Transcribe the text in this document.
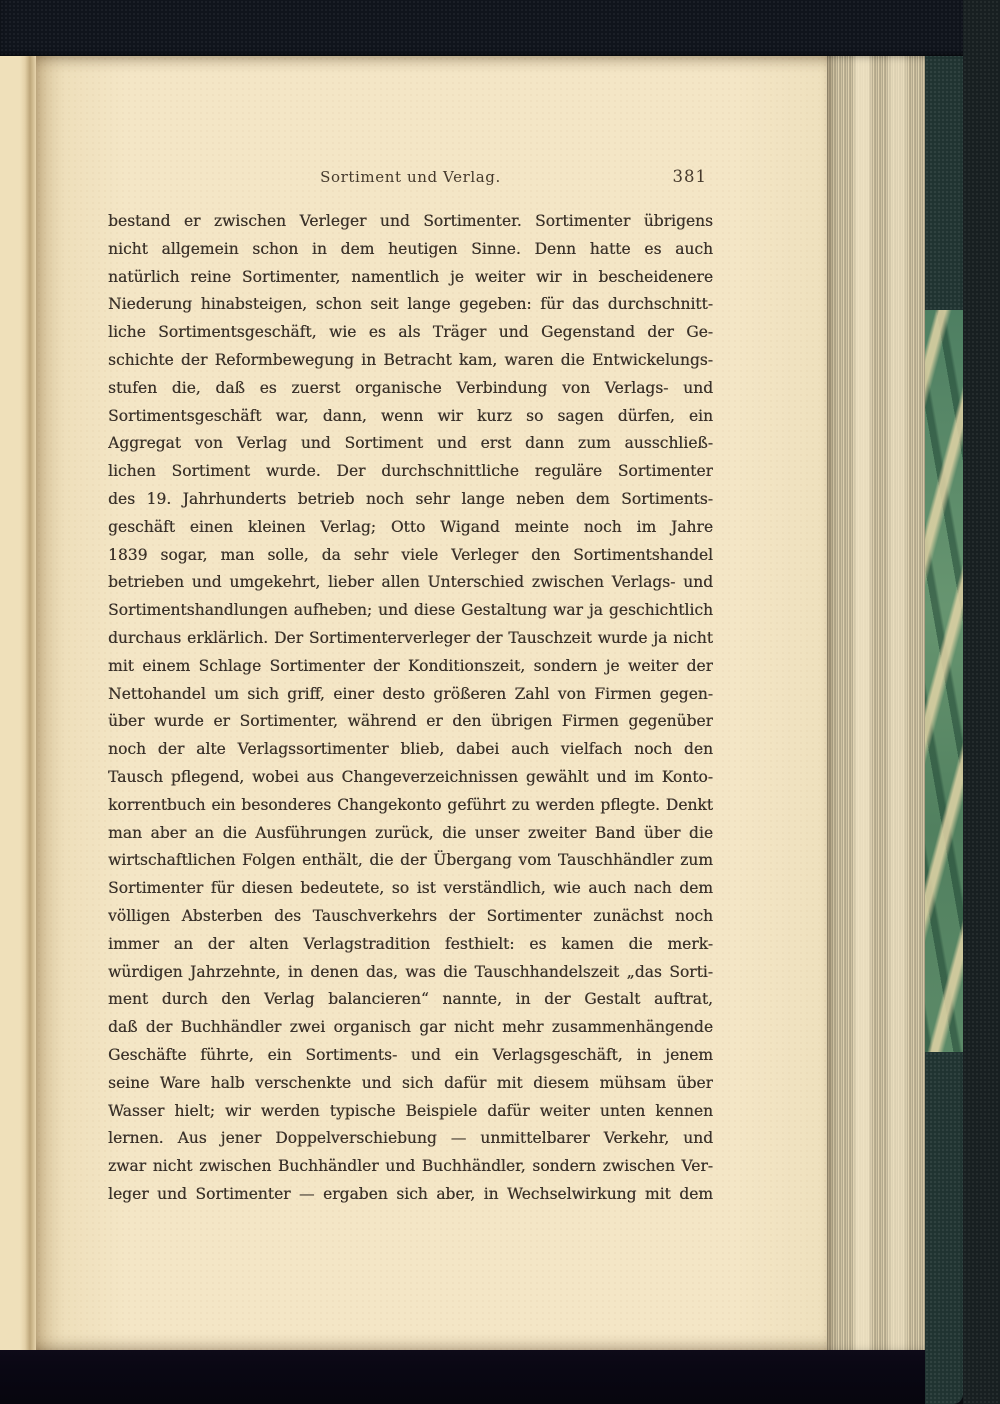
Sortiment und Verlag.	381
bestand er zwischen Verleger und Sortimenter. Sortimenter übrigens
nicht allgemein schon in dem heutigen Sinne. Denn hatte es auch
natürlich reine Sortimenter, namentlich je weiter wir in bescheidenere
Niederung hinabsteigen, schon seit lange gegeben: für das durchschnitt-
liche Sortimentsgeschäft, wie es als Träger und Gegenstand der Ge-
schichte der Reformbewegung in Betracht kam, waren die Entwickelungs-
stufen die, daß es zuerst organische Verbindung von Verlags- und
Sortimentsgeschäft war, dann, wenn wir kurz so sagen dürfen, ein
Aggregat von Verlag und Sortiment und erst dann zum ausschließ-
lichen Sortiment wurde. Der durchschnittliche reguläre Sortimenter
des 19. Jahrhunderts betrieb noch sehr lange neben dem Sortiments-
geschäft einen kleinen Verlag; Otto Wigand meinte noch im Jahre
1839 sogar, man solle, da sehr viele Verleger den Sortimentshandel
betrieben und umgekehrt, lieber allen Unterschied zwischen Verlags- und
Sortimentshandlungen aufheben; und diese Gestaltung war ja geschichtlich
durchaus erklärlich. Der Sortimenterverleger der Tauschzeit wurde ja nicht
mit einem Schlage Sortimenter der Konditionszeit, sondern je weiter der
Nettohandel um sich griff, einer desto größeren Zahl von Firmen gegen-
über wurde er Sortimenter, während er den übrigen Firmen gegenüber
noch der alte Verlagssortimenter blieb, dabei auch vielfach noch den
Tausch pflegend, wobei aus Changeverzeichnissen gewählt und im Konto-
korrentbuch ein besonderes Changekonto geführt zu werden pflegte. Denkt
man aber an die Ausführungen zurück, die unser zweiter Band über die
wirtschaftlichen Folgen enthält, die der Übergang vom Tauschhändler zum
Sortimenter für diesen bedeutete, so ist verständlich, wie auch nach dem
völligen Absterben des Tauschverkehrs der Sortimenter zunächst noch
immer an der alten Verlagstradition festhielt: es kamen die merk-
würdigen Jahrzehnte, in denen das, was die Tauschhandelszeit „das Sorti-
ment durch den Verlag balancieren“ nannte, in der Gestalt auftrat,
daß der Buchhändler zwei organisch gar nicht mehr zusammenhängende
Geschäfte führte, ein Sortiments- und ein Verlagsgeschäft, in jenem
seine Ware halb verschenkte und sich dafür mit diesem mühsam über
Wasser hielt; wir werden typische Beispiele dafür weiter unten kennen
lernen. Aus jener Doppelverschiebung — unmittelbarer Verkehr, und
zwar nicht zwischen Buchhändler und Buchhändler, sondern zwischen Ver-
leger und Sortimenter — ergaben sich aber, in Wechselwirkung mit dem
